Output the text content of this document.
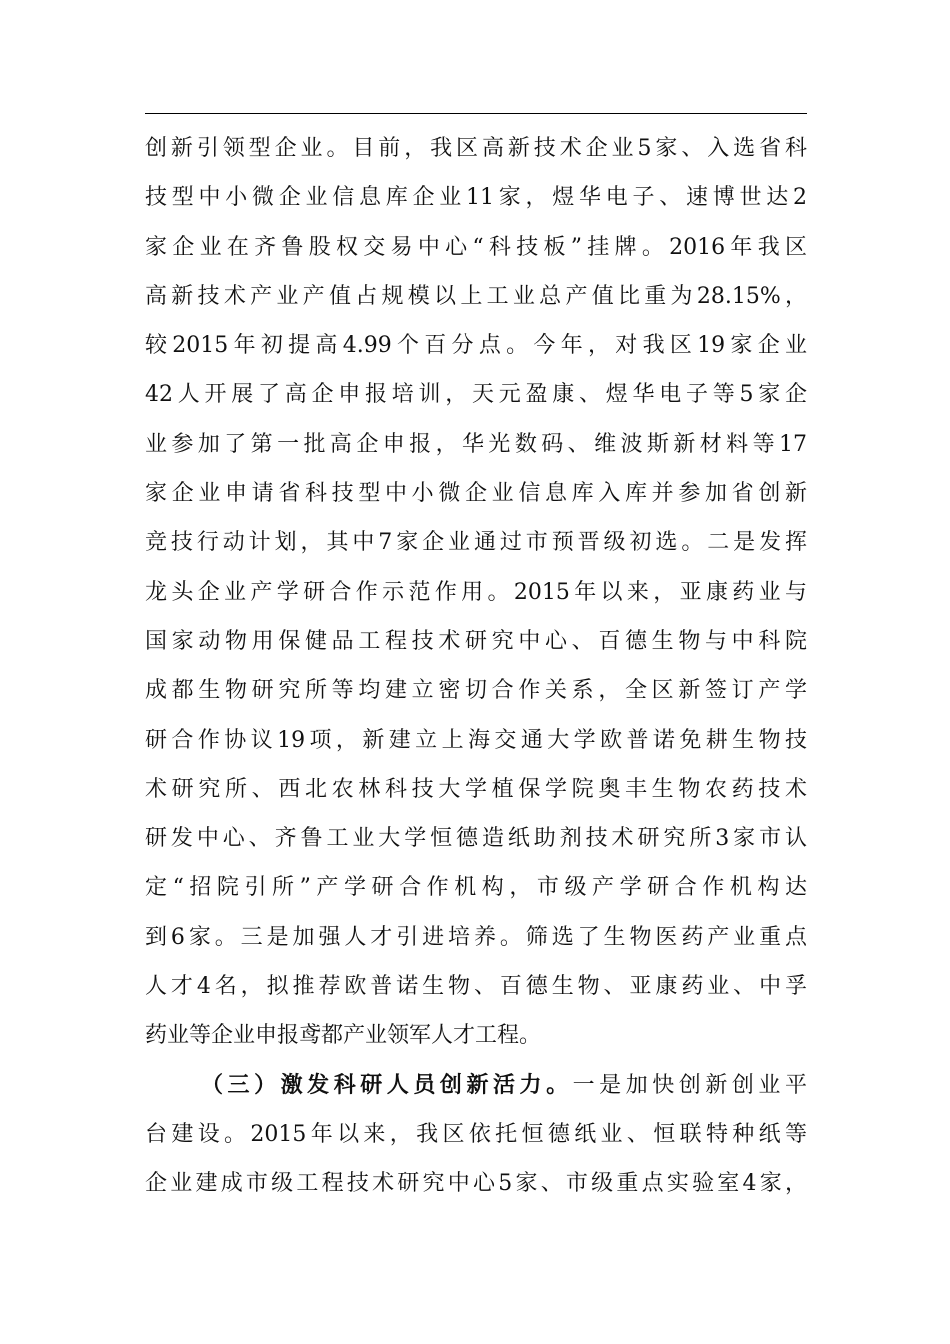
创新引领型企业。目前，我区高新技术企业5家、入选省科
技型中小微企业信息库企业11家，煜华电子、速博世达2
家企业在齐鲁股权交易中心“科技板”挂牌。2016年我区
高新技术产业产值占规模以上工业总产值比重为28.15%，
较2015年初提高4.99个百分点。今年，对我区19家企业
42人开展了高企申报培训，天元盈康、煜华电子等5家企
业参加了第一批高企申报，华光数码、维波斯新材料等17
家企业申请省科技型中小微企业信息库入库并参加省创新
竞技行动计划，其中7家企业通过市预晋级初选。二是发挥
龙头企业产学研合作示范作用。2015年以来，亚康药业与
国家动物用保健品工程技术研究中心、百德生物与中科院
成都生物研究所等均建立密切合作关系，全区新签订产学
研合作协议19项，新建立上海交通大学欧普诺免耕生物技
术研究所、西北农林科技大学植保学院奥丰生物农药技术
研发中心、齐鲁工业大学恒德造纸助剂技术研究所3家市认
定“招院引所”产学研合作机构，市级产学研合作机构达
到6家。三是加强人才引进培养。筛选了生物医药产业重点
人才4名，拟推荐欧普诺生物、百德生物、亚康药业、中孚
药业等企业申报鸢都产业领军人才工程。
（三）激发科研人员创新活力。一是加快创新创业平
台建设。2015年以来，我区依托恒德纸业、恒联特种纸等
企业建成市级工程技术研究中心5家、市级重点实验室4家，
